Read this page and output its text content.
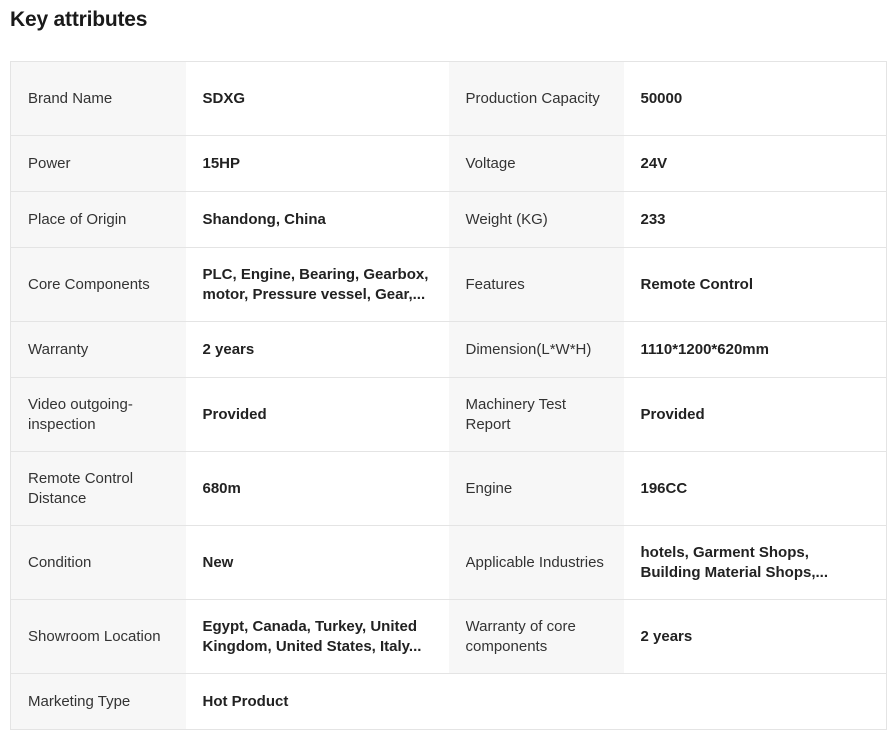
Key attributes
Brand Name	SDXG	Production Capacity	50000
Power	15HP	Voltage	24V
Place of Origin	Shandong, China	Weight (KG)	233
Core Components	PLC, Engine, Bearing, Gearbox, motor, Pressure vessel, Gear,...	Features	Remote Control
Warranty	2 years	Dimension(L*W*H)	1110*1200*620mm

Video outgoing-inspection	Provided	Machinery Test Report	Provided

Remote Control Distance	680m	Engine	196CC
Condition	New	Applicable Industries	hotels, Garment Shops, Building Material Shops,...

Showroom Location	Egypt, Canada, Turkey, United Kingdom, United States, Italy...	Warranty of core components	2 years
Marketing Type	Hot Product		
